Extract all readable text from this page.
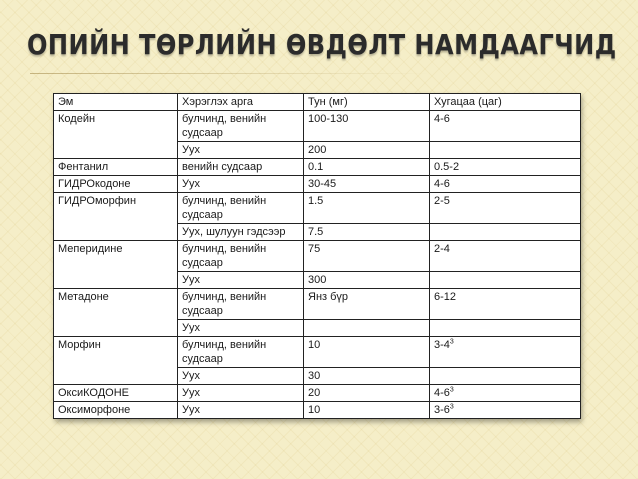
ОПИЙН ТӨРЛИЙН ӨВДӨЛТ НАМДААГЧИД
Эм	Хэрэглэх арга	Тун (мг)	Хугацаа (цаг)
Кодейн	булчинд, венийн судсаар	100-130	4-6
	Уух	200	
Фентанил	венийн судсаар	0.1	0.5-2
ГИДРОкодоне	Уух	30-45	4-6
ГИДРОморфин	булчинд, венийн судсаар	1.5	2-5
	Уух, шулуун гэдсээр	7.5	
Меперидине	булчинд, венийн судсаар	75	2-4
	Уух	300	
Метадоне	булчинд, венийн судсаар	Янз бүр	6-12
	Уух		
Морфин	булчинд, венийн судсаар	10	$3-4^3$
	Уух	30	
ОксиКОДОНЕ	Уух	20	$4-6^3$
Оксиморфоне	Уух	10	$3-6^3$
